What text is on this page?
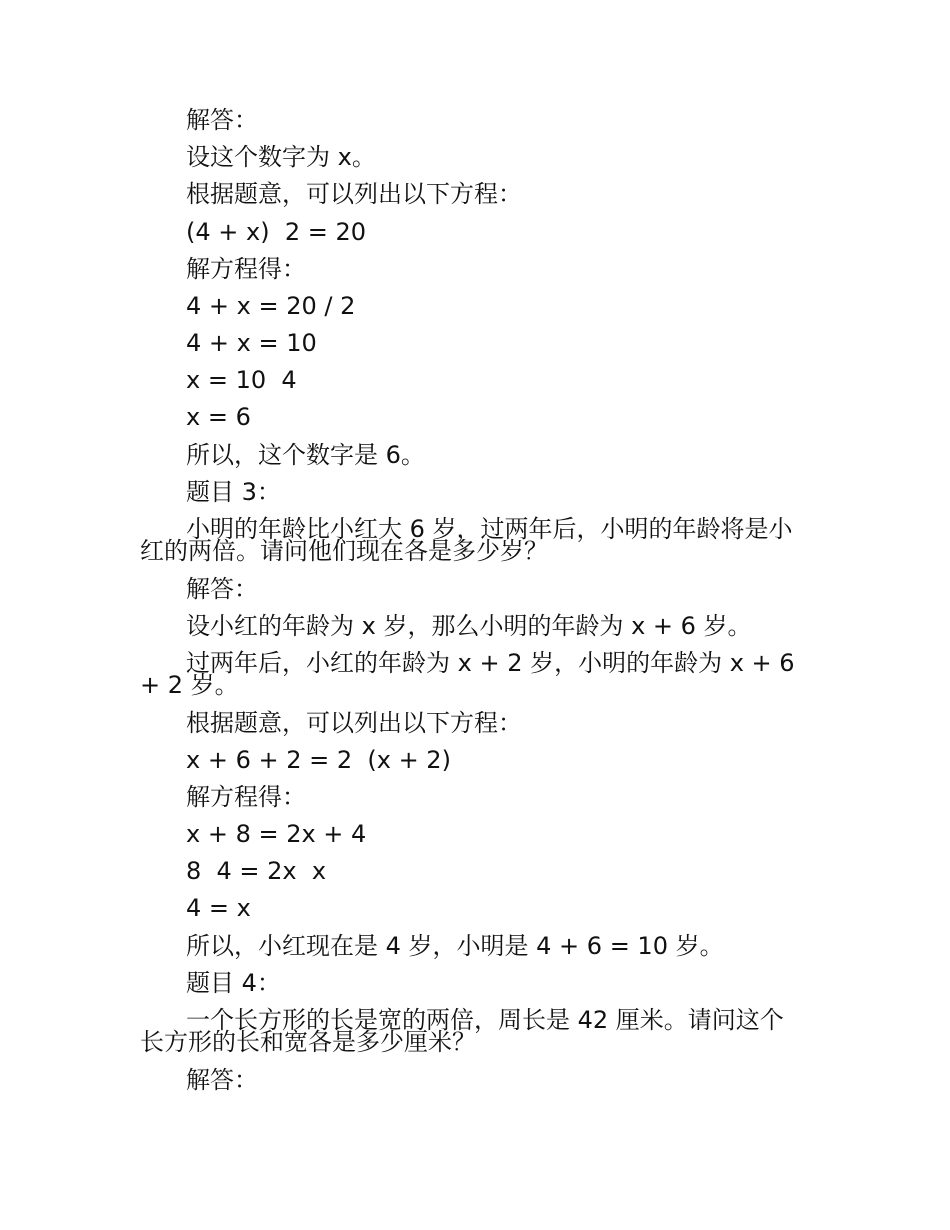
解答：
设这个数字为 x。
根据题意，可以列出以下方程：
(4 + x)  2 = 20
解方程得：
4 + x = 20 / 2
4 + x = 10
x = 10  4
x = 6
所以，这个数字是 6。
题目 3：
小明的年龄比小红大 6 岁，过两年后，小明的年龄将是小
红的两倍。请问他们现在各是多少岁？
解答：
设小红的年龄为 x 岁，那么小明的年龄为 x + 6 岁。
过两年后，小红的年龄为 x + 2 岁，小明的年龄为 x + 6
+ 2 岁。
根据题意，可以列出以下方程：
x + 6 + 2 = 2  (x + 2)
解方程得：
x + 8 = 2x + 4
8  4 = 2x  x
4 = x
所以，小红现在是 4 岁，小明是 4 + 6 = 10 岁。
题目 4：
一个长方形的长是宽的两倍，周长是 42 厘米。请问这个
长方形的长和宽各是多少厘米？
解答：
